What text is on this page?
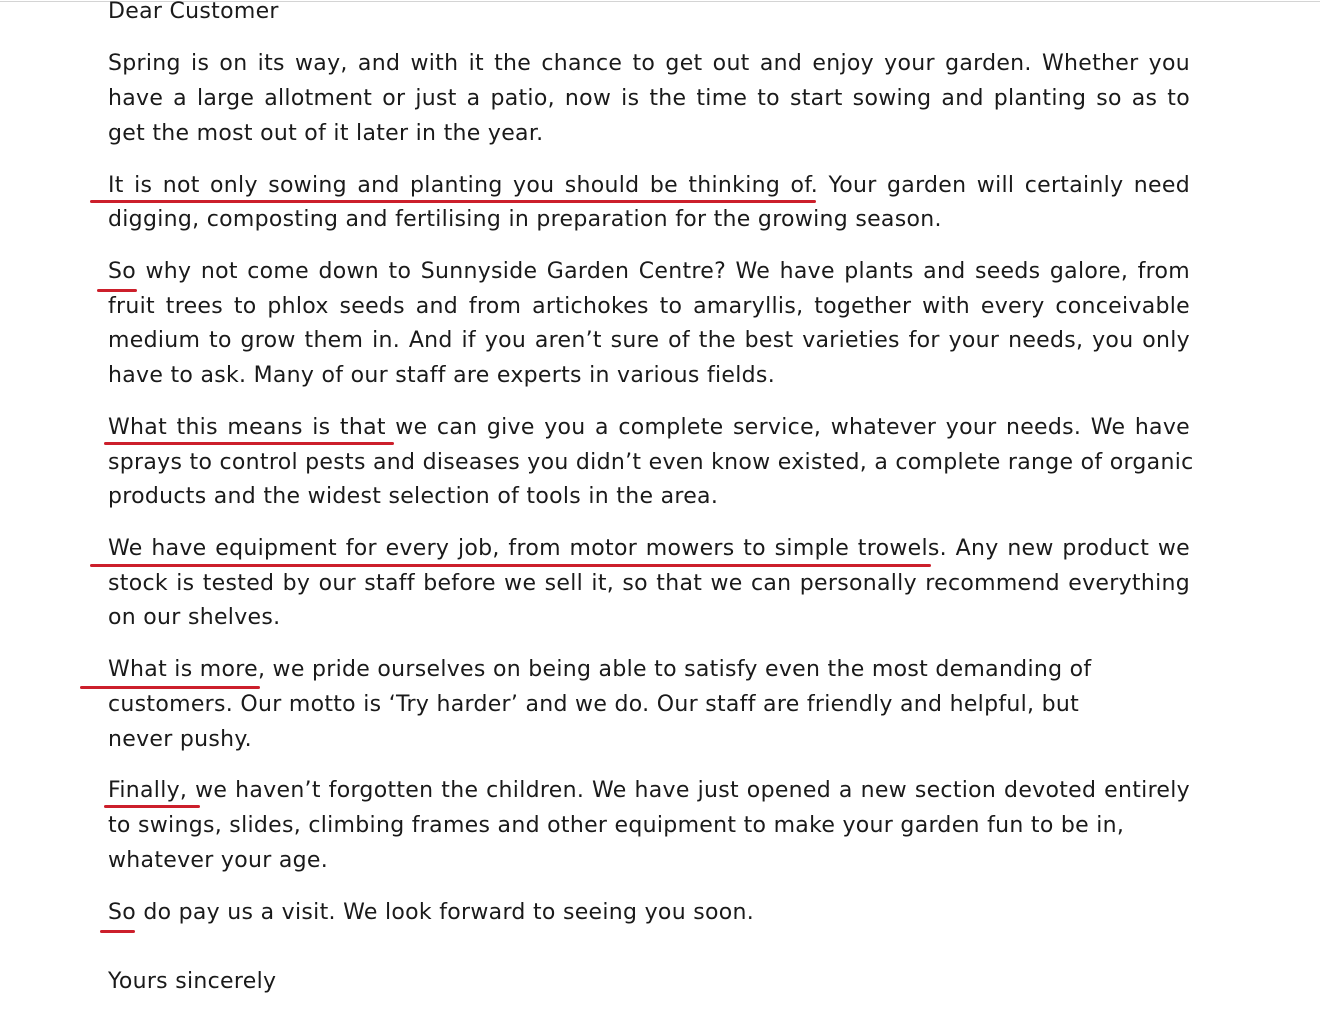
Dear Customer
Spring is on its way, and with it the chance to get out and enjoy your garden. Whether you
have a large allotment or just a patio, now is the time to start sowing and planting so as to
get the most out of it later in the year.
It is not only sowing and planting you should be thinking of. Your garden will certainly need
digging, composting and fertilising in preparation for the growing season.
So why not come down to Sunnyside Garden Centre? We have plants and seeds galore, from
fruit trees to phlox seeds and from artichokes to amaryllis, together with every conceivable
medium to grow them in. And if you aren’t sure of the best varieties for your needs, you only
have to ask. Many of our staff are experts in various fields.
What this means is that we can give you a complete service, whatever your needs. We have
sprays to control pests and diseases you didn’t even know existed, a complete range of organic
products and the widest selection of tools in the area.
We have equipment for every job, from motor mowers to simple trowels. Any new product we
stock is tested by our staff before we sell it, so that we can personally recommend everything
on our shelves.
What is more, we pride ourselves on being able to satisfy even the most demanding of
customers. Our motto is ‘Try harder’ and we do. Our staff are friendly and helpful, but
never pushy.
Finally, we haven’t forgotten the children. We have just opened a new section devoted entirely
to swings, slides, climbing frames and other equipment to make your garden fun to be in,
whatever your age.
So do pay us a visit. We look forward to seeing you soon.
Yours sincerely
